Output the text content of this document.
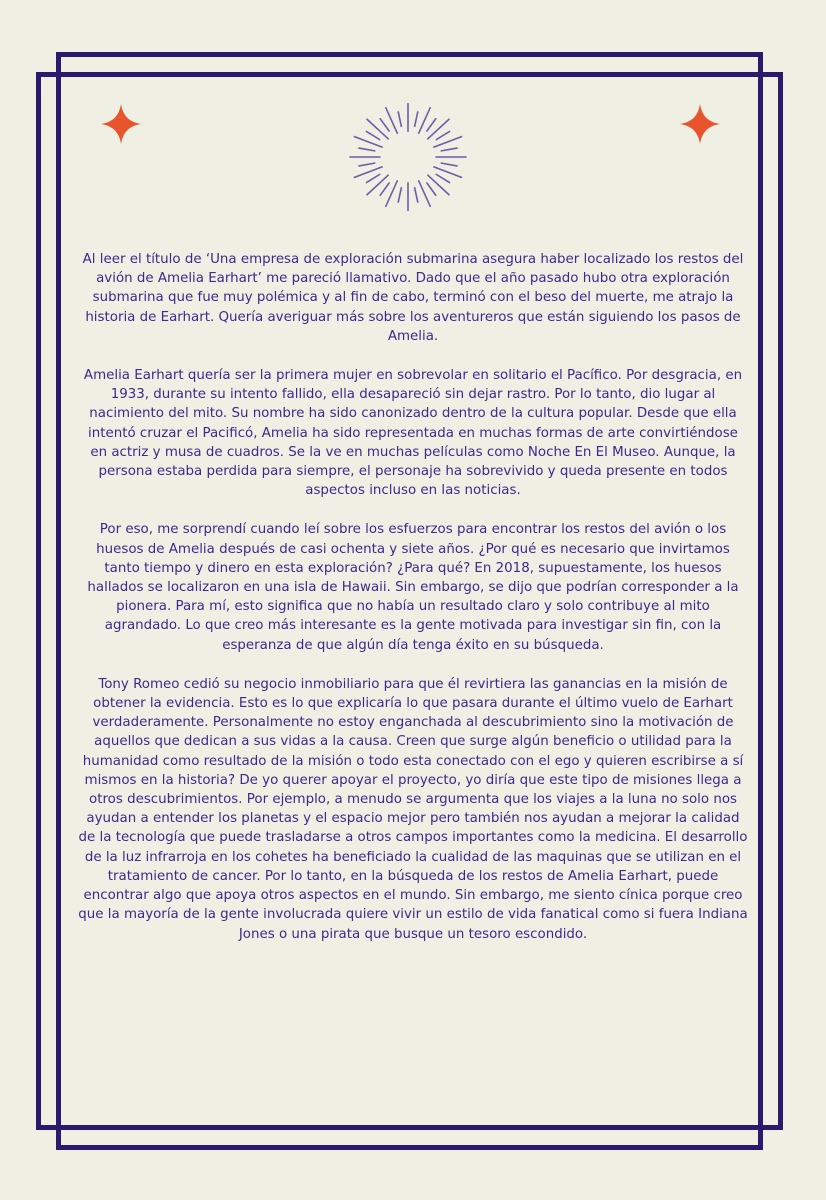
Al leer el título de ‘Una empresa de exploración submarina asegura haber localizado los restos del avión de Amelia Earhart’ me pareció llamativo. Dado que el año pasado hubo otra exploración submarina que fue muy polémica y al fin de cabo, terminó con el beso del muerte, me atrajo la historia de Earhart. Quería averiguar más sobre los aventureros que están siguiendo los pasos de Amelia.

Amelia Earhart quería ser la primera mujer en sobrevolar en solitario el Pacífico. Por desgracia, en 1933, durante su intento fallido, ella desapareció sin dejar rastro. Por lo tanto, dio lugar al nacimiento del mito. Su nombre ha sido canonizado dentro de la cultura popular. Desde que ella intentó cruzar el Pacificó, Amelia ha sido representada en muchas formas de arte convirtiéndose en actriz y musa de cuadros. Se la ve en muchas películas como Noche En El Museo. Aunque, la persona estaba perdida para siempre, el personaje ha sobrevivido y queda presente en todos aspectos incluso en las noticias.

Por eso, me sorprendí cuando leí sobre los esfuerzos para encontrar los restos del avión o los huesos de Amelia después de casi ochenta y siete años. ¿Por qué es necesario que invirtamos tanto tiempo y dinero en esta exploración? ¿Para qué? En 2018, supuestamente, los huesos hallados se localizaron en una isla de Hawaii. Sin embargo, se dijo que podrían corresponder a la pionera. Para mí, esto significa que no había un resultado claro y solo contribuye al mito agrandado. Lo que creo más interesante es la gente motivada para investigar sin fin, con la esperanza de que algún día tenga éxito en su búsqueda.

Tony Romeo cedió su negocio inmobiliario para que él revirtiera las ganancias en la misión de obtener la evidencia. Esto es lo que explicaría lo que pasara durante el último vuelo de Earhart verdaderamente. Personalmente no estoy enganchada al descubrimiento sino la motivación de aquellos que dedican a sus vidas a la causa. Creen que surge algún beneficio o utilidad para la humanidad como resultado de la misión o todo esta conectado con el ego y quieren escribirse a sí mismos en la historia? De yo querer apoyar el proyecto, yo diría que este tipo de misiones llega a otros descubrimientos. Por ejemplo, a menudo se argumenta que los viajes a la luna no solo nos ayudan a entender los planetas y el espacio mejor pero también nos ayudan a mejorar la calidad de la tecnología que puede trasladarse a otros campos importantes como la medicina. El desarrollo de la luz infrarroja en los cohetes ha beneficiado la cualidad de las maquinas que se utilizan en el tratamiento de cancer. Por lo tanto, en la búsqueda de los restos de Amelia Earhart, puede encontrar algo que apoya otros aspectos en el mundo. Sin embargo, me siento cínica porque creo que la mayoría de la gente involucrada quiere vivir un estilo de vida fanatical como si fuera Indiana Jones o una pirata que busque un tesoro escondido.
